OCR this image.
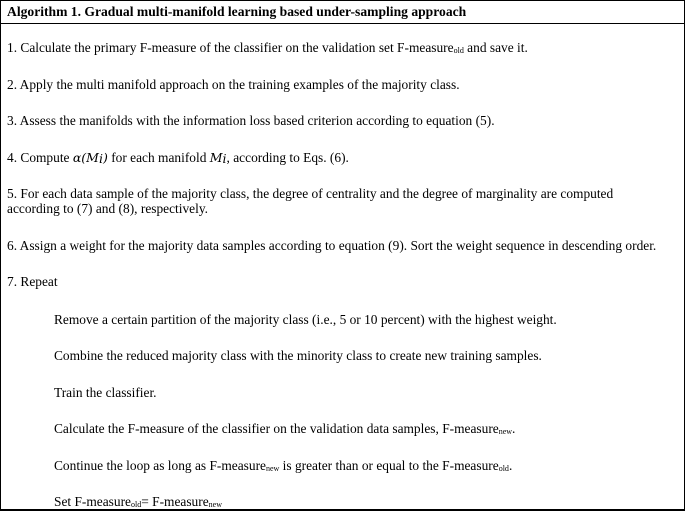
Algorithm 1. Gradual multi-manifold learning based under-sampling approach
1. Calculate the primary F-measure of the classifier on the validation set F-measure$_{old}$ and save it.
2. Apply the multi manifold approach on the training examples of the majority class.
3. Assess the manifolds with the information loss based criterion according to equation (5).
4. Compute $\alpha(M_i)$ for each manifold $M_i$, according to Eqs. (6).
5. For each data sample of the majority class, the degree of centrality and the degree of marginality are computed
according to (7) and (8), respectively.
6. Assign a weight for the majority data samples according to equation (9). Sort the weight sequence in descending order.
7. Repeat
Remove a certain partition of the majority class (i.e., 5 or 10 percent) with the highest weight.
Combine the reduced majority class with the minority class to create new training samples.
Train the classifier.
Calculate the F-measure of the classifier on the validation data samples, F-measure$_{new}$.
Continue the loop as long as F-measure$_{new}$ is greater than or equal to the F-measure$_{old}$.
Set F-measure$_{old}$= F-measure$_{new}$
